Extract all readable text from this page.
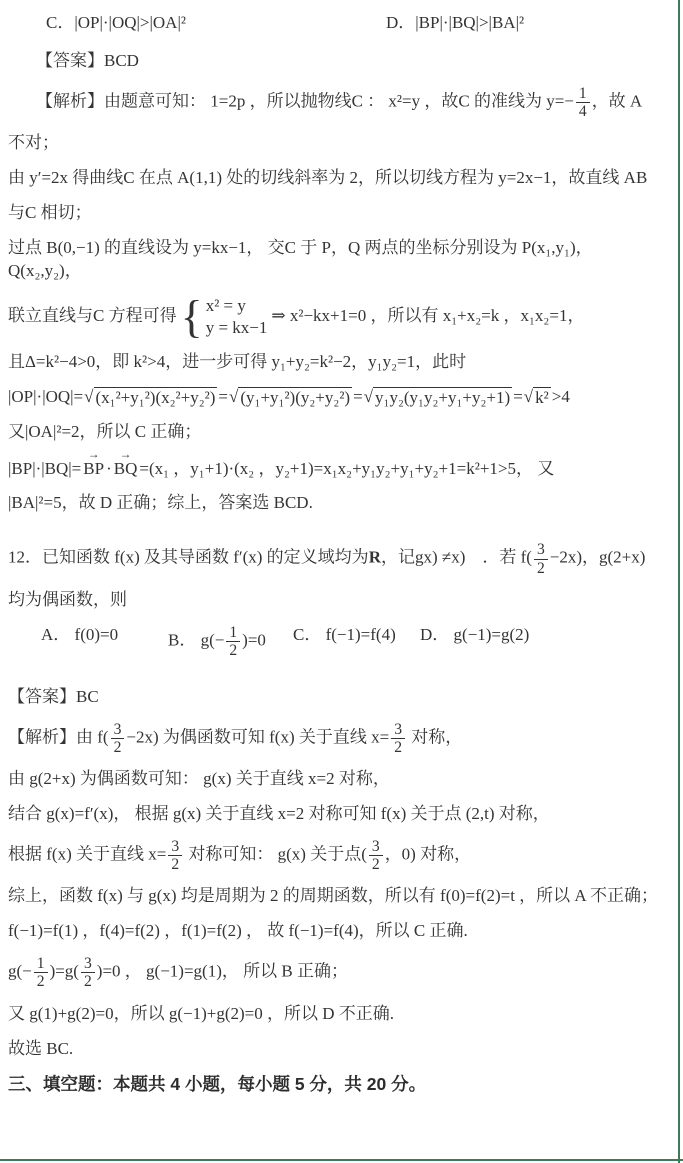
C．|OP|·|OQ|>|OA|²	D．|BP|·|BQ|>|BA|²
【答案】BCD
【解析】由题意可知： 1=2p ，所以抛物线C ： x²=y ，故C 的准线为 $y=- \frac{1}{4}$ ，故 A
不对；
由 y′=2x 得曲线C 在点 A(1,1) 处的切线斜率为 2，所以切线方程为 y=2x−1，故直线 AB
与C 相切；
过点 B(0,−1) 的直线设为 y=kx−1， 交C 于 P，Q 两点的坐标分别设为 P(x₁,y₁)，Q(x₂,y₂)，
联立直线与C 方程可得 { x² = y
y = kx−1
⇒ x²−kx+1=0 ，所以有 x₁+x₂=k ，x₁x₂=1，
且Δ=k²−4>0，即 k²>4，进一步可得 y₁+y₂=k²−2，y₁y₂=1，此时
|OP|·|OQ|= √ (x₁²+y₁²)(x₂²+y₂²) = √ (y₁+y₁²)(y₂+y₂²) = √ y₁y₂(y₁y₂+y₁+y₂+1) = √ k² >4
又|OA|²=2，所以 C 正确；
|BP|·|BQ|= → BP · → BQ =(x₁ ，y₁+1)·(x₂ ，y₂+1)=x₁x₂+y₁y₂+y₁+y₂+1=k²+1>5， 又
|BA|²=5，故 D 正确；综上，答案选 BCD.
12．已知函数 f(x) 及其导函数 f′(x) 的定义域均为R，记gx) ≠x)　．若 $f( \frac{3}{2} -2x)$，g(2+x)
均为偶函数，则
A． f(0)=0	B． $g(- \frac{1}{2} )=0$ C． f(−1)=f(4) D． g(−1)=g(2)
【答案】BC
【解析】由 $f( \frac{3}{2} -2x)$ 为偶函数可知 f(x) 关于直线 $x= \frac{3}{2}$ 对称，
由 g(2+x) 为偶函数可知： g(x) 关于直线 x=2 对称，
结合 g(x)=f′(x)， 根据 g(x) 关于直线 x=2 对称可知 f(x) 关于点 (2,t) 对称，
根据 f(x) 关于直线 $x= \frac{3}{2}$ 对称可知： g(x) 关于点( $\frac{3}{2}$ ，0) 对称，
综上，函数 f(x) 与 g(x) 均是周期为 2 的周期函数，所以有 f(0)=f(2)=t ，所以 A 不正确；
f(−1)=f(1) ，f(4)=f(2) ，f(1)=f(2) ， 故 f(−1)=f(4)，所以 C 正确.
$g(- \frac{1}{2} )=g( \frac{3}{2} )=0$ ， g(−1)=g(1)， 所以 B 正确；
又 g(1)+g(2)=0，所以 g(−1)+g(2)=0 ，所以 D 不正确.
故选 BC.
三、填空题：本题共 4 小题，每小题 5 分，共 20 分。
